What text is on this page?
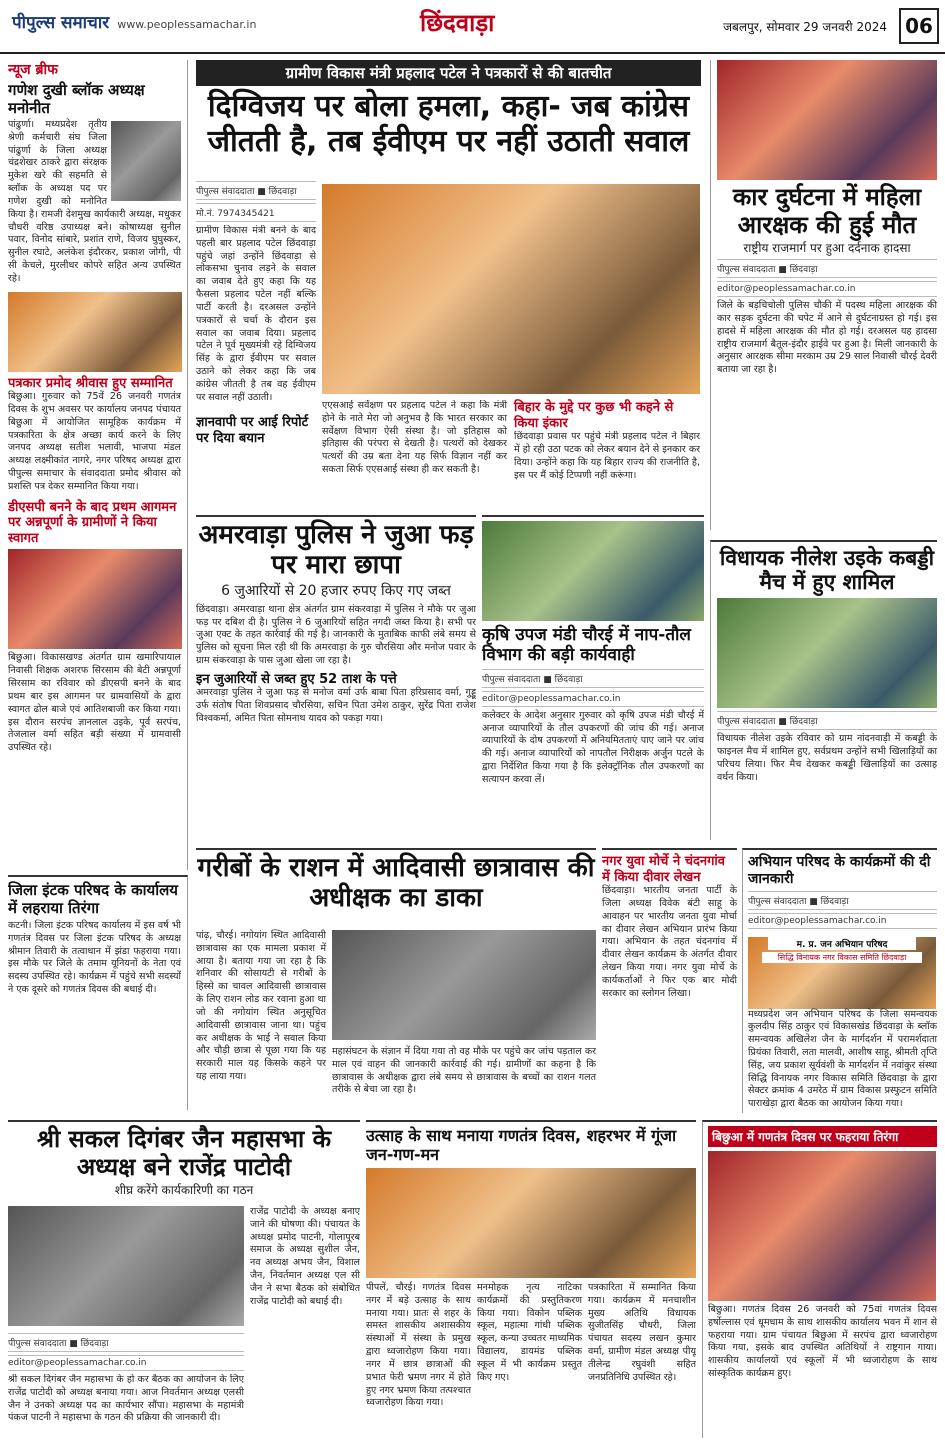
पीपुल्स समाचार www.peoplessamachar.in	छिंदवाड़ा	जबलपुर, सोमवार 29 जनवरी 2024 06
न्यूज ब्रीफ
गणेश दुखी ब्लॉक अध्यक्ष मनोनीत
पांढुर्णा। मध्यप्रदेश तृतीय श्रेणी कर्मचारी संघ जिला पांढुर्णा के जिला अध्यक्ष चंद्रशेखर ठाकरे द्वारा संरक्षक मुकेश खरे की सहमति से ब्लॉक के अध्यक्ष पद पर गणेश दुखी को मनोनित किया है। रामजी देशमुख कार्यकारी अध्यक्ष, मधुकर चौधरी वरिष्ठ उपाध्यक्ष बने। कोषाध्यक्ष सुनील पवार, विनोद सांबारे, प्रशांत राणे, विजय घुघुस्कर, सुनील रघाटे, अलंकेश इंदौरकर, प्रकाश जोगी, पी सी केचले, मुरलीधर कोपरे सहित अन्य उपस्थित रहे।
पत्रकार प्रमोद श्रीवास हुए सम्मानित
बिछुआ। गुरुवार को 75वें 26 जनवरी गणतंत्र दिवस के शुभ अवसर पर कार्यालय जनपद पंचायत बिछुआ में आयोजित सामूहिक कार्यक्रम में पत्रकारिता के क्षेत्र अच्छा कार्य करने के लिए जनपद अध्यक्ष सतीश भलावी, भाजपा मंडल अध्यक्ष लक्ष्मीकांत नागरे, नगर परिषद अध्यक्ष द्वारा पीपुल्स समाचार के संवाददाता प्रमोद श्रीवास को प्रशस्ति पत्र देकर सम्मानित किया गया।
डीएसपी बनने के बाद प्रथम आगमन पर अन्नपूर्णा के ग्रामीणों ने किया स्वागत
बिछुआ। विकासखण्ड अंतर्गत ग्राम खमारिपायाल निवासी शिक्षक अशरफ सिरसाम की बेटी अन्नपूर्णा सिरसाम का रविवार को डीएसपी बनने के बाद प्रथम बार इस आगमन पर ग्रामवासियों के द्वारा स्वागत ढोल बाजे एवं आतिशबाजी कर किया गया। इस दौरान सरपंच ज्ञानलाल उइके, पूर्व सरपंच, तेजलाल वर्मा सहित बड़ी संख्या में ग्रामवासी उपस्थित रहे।
ग्रामीण विकास मंत्री प्रहलाद पटेल ने पत्रकारों से की बातचीत
दिग्विजय पर बोला हमला, कहा- जब कांग्रेस
जीतती है, तब ईवीएम पर नहीं उठाती सवाल
पीपुल्स संवाददाता ■ छिंदवाड़ा
मो.नं. 7974345421
ग्रामीण विकास मंत्री बनने के बाद पहली बार प्रहलाद पटेल छिंदवाड़ा पहुंचे जहां उन्होंने छिंदवाड़ा से लोकसभा चुनाव लड़ने के सवाल का जवाब देते हुए कहा कि यह फैसला प्रहलाद पटेल नहीं बल्कि पार्टी करती है। दरअसल उन्होंने पत्रकारों से चर्चा के दौरान इस सवाल का जवाब दिया। प्रहलाद पटेल ने पूर्व मुख्यमंत्री रहे दिग्विजय सिंह के द्वारा ईवीएम पर सवाल उठाने को लेकर कहा कि जब कांग्रेस जीतती है तब वह ईवीएम पर सवाल नहीं उठाती।
ज्ञानवापी पर आई रिपोर्ट पर दिया बयान
एएसआई सर्वेक्षण पर प्रहलाद पटेल ने कहा कि मंत्री होने के नाते मेरा जो अनुभव है कि भारत सरकार का सर्वेक्षण विभाग ऐसी संस्था है। जो इतिहास को इतिहास की परंपरा से देखती है। पत्थरों को देखकर पत्थरों की उम्र बता देना यह सिर्फ विज्ञान नहीं कर सकता सिर्फ एएसआई संस्था ही कर सकती है।
बिहार के मुद्दे पर कुछ भी कहने से किया इंकार
छिंदवाड़ा प्रवास पर पहुंचे मंत्री प्रहलाद पटेल ने बिहार में हो रही उठा पटक को लेकर बयान देने से इनकार कर दिया। उन्होंने कहा कि यह बिहार राज्य की राजनीति है, इस पर मैं कोई टिप्पणी नहीं करूंगा।
कार दुर्घटना में महिला आरक्षक की हुई मौत
राष्ट्रीय राजमार्ग पर हुआ दर्दनाक हादसा
पीपुल्स संवाददाता ■ छिंदवाड़ा
editor@peoplessamachar.co.in
जिले के बड़चिचोली पुलिस चौकी में पदस्थ महिला आरक्षक की कार सड़क दुर्घटना की चपेट में आने से दुर्घटनाग्रस्त हो गई। इस हादसे में महिला आरक्षक की मौत हो गई। दरअसल यह हादसा राष्ट्रीय राजमार्ग बैतूल-इंदौर हाईवे पर हुआ है। मिली जानकारी के अनुसार आरक्षक सीमा मरकाम उम्र 29 साल निवासी चौरई देवरी बताया जा रहा है।
अमरवाड़ा पुलिस ने जुआ फड़ पर मारा छापा
6 जुआरियों से 20 हजार रुपए किए गए जब्त
छिंदवाड़ा। अमरवाड़ा थाना क्षेत्र अंतर्गत ग्राम संकरवाड़ा में पुलिस ने मौके पर जुआ फड़ पर दबिश दी है। पुलिस ने 6 जुआरियों सहित नगदी जब्त किया है। सभी पर जुआ एक्ट के तहत कार्रवाई की गई है। जानकारी के मुताबिक काफी लंबे समय से पुलिस को सूचना मिल रही थी कि अमरवाड़ा के गुरु चौरसिया और मनोज पवार के ग्राम संकरवाड़ा के पास जुआ खेला जा रहा है।
इन जुआरियों से जब्त हुए 52 ताश के पत्ते
अमरवाड़ा पुलिस ने जुआ फड़ से मनोज वर्मा उर्फ बाबा पिता हरिप्रसाद वर्मा, गुड्डू उर्फ संतोष पिता शिवप्रसाद चौरसिया, सचिन पिता उमेश ठाकुर, सुरेंद्र पिता राजेश विश्वकर्मा, अमित पिता सोमनाथ यादव को पकड़ा गया।
कृषि उपज मंडी चौरई में नाप-तौल विभाग की बड़ी कार्यवाही
पीपुल्स संवाददाता ■ छिंदवाड़ा
editor@peoplessamachar.co.in
कलेक्टर के आदेश अनुसार गुरुवार को कृषि उपज मंडी चौरई में अनाज व्यापारियों के तौल उपकरणों की जांच की गई। अनाज व्यापारियों के दोष उपकरणों में अनियमितताएं पाए जाने पर जांच की गई। अनाज व्यापारियों को नापतौल निरीक्षक अर्जुन पटले के द्वारा निर्देशित किया गया है कि इलेक्ट्रॉनिक तौल उपकरणों का सत्यापन करवा लें।
विधायक नीलेश उइके कबड्डी मैच में हुए शामिल
पीपुल्स संवाददाता ■ छिंदवाड़ा
विधायक नीलेश उइके रविवार को ग्राम नांदनवाड़ी में कबड्डी के फाइनल मैच में शामिल हुए, सर्वप्रथम उन्होंने सभी खिलाड़ियों का परिचय लिया। फिर मैच देखकर कबड्डी खिलाड़ियों का उत्साह वर्धन किया।
जिला इंटक परिषद के कार्यालय में लहराया तिरंगा
कटनी। जिला इंटक परिषद कार्यालय में इस वर्ष भी गणतंत्र दिवस पर जिला इंटक परिषद के अध्यक्ष श्रीमान तिवारी के तत्वाधान में झंडा फहराया गया। इस मौके पर जिले के तमाम यूनियनों के नेता एवं सदस्य उपस्थित रहे। कार्यक्रम में पहुंचे सभी सदस्यों ने एक दूसरे को गणतंत्र दिवस की बधाई दी।
गरीबों के राशन में आदिवासी छात्रावास की अधीक्षक का डाका
पांढ़, चौरई। नगोयांग स्थित आदिवासी छात्रावास का एक मामला प्रकाश में आया है। बताया गया जा रहा है कि शनिवार की सोसायटी से गरीबों के हिस्से का चावल आदिवासी छात्रावास के लिए राशन लोड कर रवाना हुआ था जो की नगोयांग स्थित अनुसूचित आदिवासी छात्रावास जाना था। पहुंच कर अधीक्षक के भाई ने सवाल किया और चौड़ी छात्रा से पूछा गया कि यह सरकारी माल यह किसके कहने पर यह लाया गया।
महासंघटन के संज्ञान में दिया गया तो वह मौके पर पहुंचे कर जांच पड़ताल कर माल एवं वाहन की जानकारी कार्रवाई की गई। ग्रामीणों का कहना है कि छात्रावास के अधीक्षक द्वारा लंबे समय से छात्रावास के बच्चों का राशन गलत तरीके से बेचा जा रहा है।
नगर युवा मोर्चे ने चंदनगांव में किया दीवार लेखन
छिंदवाड़ा। भारतीय जनता पार्टी के जिला अध्यक्ष विवेक बंटी साहू के आवाहन पर भारतीय जनता युवा मोर्चा का दीवार लेखन अभियान प्रारंभ किया गया। अभियान के तहत चंदनगांव में दीवार लेखन कार्यक्रम के अंतर्गत दीवार लेखन किया गया। नगर युवा मोर्चे के कार्यकर्ताओं ने फिर एक बार मोदी सरकार का स्लोगन लिखा।
अभियान परिषद के कार्यक्रमों की दी जानकारी
पीपुल्स संवाददाता ■ छिंदवाड़ा
editor@peoplessamachar.co.in
म. प्र. जन अभियान परिषद
सिद्धि विनायक नगर विकास समिति छिंदवाड़ा
मध्यप्रदेश जन अभियान परिषद के जिला समन्वयक कुलदीप सिंह ठाकुर एवं विकासखंड छिंदवाड़ा के ब्लॉक समन्वयक अखिलेश जैन के मार्गदर्शन में परामर्शदाता प्रियंका तिवारी, लता मालवी, आशीष साहू, श्रीमती तृप्ति सिंह, जय प्रकाश सूर्यवंशी के मार्गदर्शन में नवांकुर संस्था सिद्धि विनायक नगर विकास समिति छिंदवाड़ा के द्वारा सेक्टर क्रमांक 4 उमरेठ में ग्राम विकास प्रस्फुटन समिति पाराखेड़ा द्वारा बैठक का आयोजन किया गया।
श्री सकल दिगंबर जैन महासभा के अध्यक्ष बने राजेंद्र पाटोदी
शीघ्र करेंगे कार्यकारिणी का गठन
राजेंद्र पाटोदी के अध्यक्ष बनाए जाने की घोषणा की। पंचायत के अध्यक्ष प्रमोद पाटनी, गोलापूरब समाज के अध्यक्ष सुशील जैन, नव अध्यक्ष अभय जैन, विशाल जैन, निवर्तमान अध्यक्ष एल सी जैन ने सभा बैठक को संबोधित राजेंद्र पाटोदी को बधाई दी।
पीपुल्स संवाददाता ■ छिंदवाड़ा
editor@peoplessamachar.co.in
श्री सकल दिगंबर जैन महासभा के हो कर बैठक का आयोजन के लिए राजेंद्र पाटोदी को अध्यक्ष बनाया गया। आज निवर्तमान अध्यक्ष एलसी जैन ने उनको अध्यक्ष पद का कार्यभार सौंपा। महासभा के महामंत्री पंकज पाटनी ने महासभा के गठन की प्रक्रिया की जानकारी दी।
उत्साह के साथ मनाया गणतंत्र दिवस, शहरभर में गूंजा जन-गण-मन
पीपलें, चौरई। गणतंत्र दिवस नगर में बड़े उत्साह के साथ मनाया गया। प्रातः से शहर के समस्त शासकीय अशासकीय संस्थाओं में संस्था के प्रमुख द्वारा ध्वजारोहण किया गया। नगर में छात्र छात्राओं की प्रभात फेरी भ्रमण नगर में होते हुए नगर भ्रमण किया तत्पश्चात ध्वजारोहण किया गया।
मनमोहक नृत्य नाटिका कार्यक्रमों की प्रस्तुतिकरण किया गया। विकोन पब्लिक स्कूल, महात्मा गांधी पब्लिक स्कूल, कन्या उच्चतर माध्यमिक विद्यालय, डायमंड पब्लिक स्कूल में भी कार्यक्रम प्रस्तुत किए गए।
पत्रकारिता में सम्मानित किया गया। कार्यक्रम में मनचाशीन मुख्य अतिथि विधायक सुजीतसिंह चौधरी, जिला पंचायत सदस्य लखन कुमार वर्मा, ग्रामीण मंडल अध्यक्ष पीयू तीलेन्द्र रघुवंशी सहित जनप्रतिनिधि उपस्थित रहे।
बिछुआ में गणतंत्र दिवस पर फहराया तिरंगा
बिछुआ। गणतंत्र दिवस 26 जनवरी को 75वां गणतंत्र दिवस हर्षोल्लास एवं धूमधाम के साथ शासकीय कार्यालय भवन में शान से फहराया गया। ग्राम पंचायत बिछुआ में सरपंच द्वारा ध्वजारोहण किया गया, इसके बाद उपस्थित अतिथियों ने राष्ट्रगान गाया। शासकीय कार्यालयों एवं स्कूलों में भी ध्वजारोहण के साथ सांस्कृतिक कार्यक्रम हुए।
